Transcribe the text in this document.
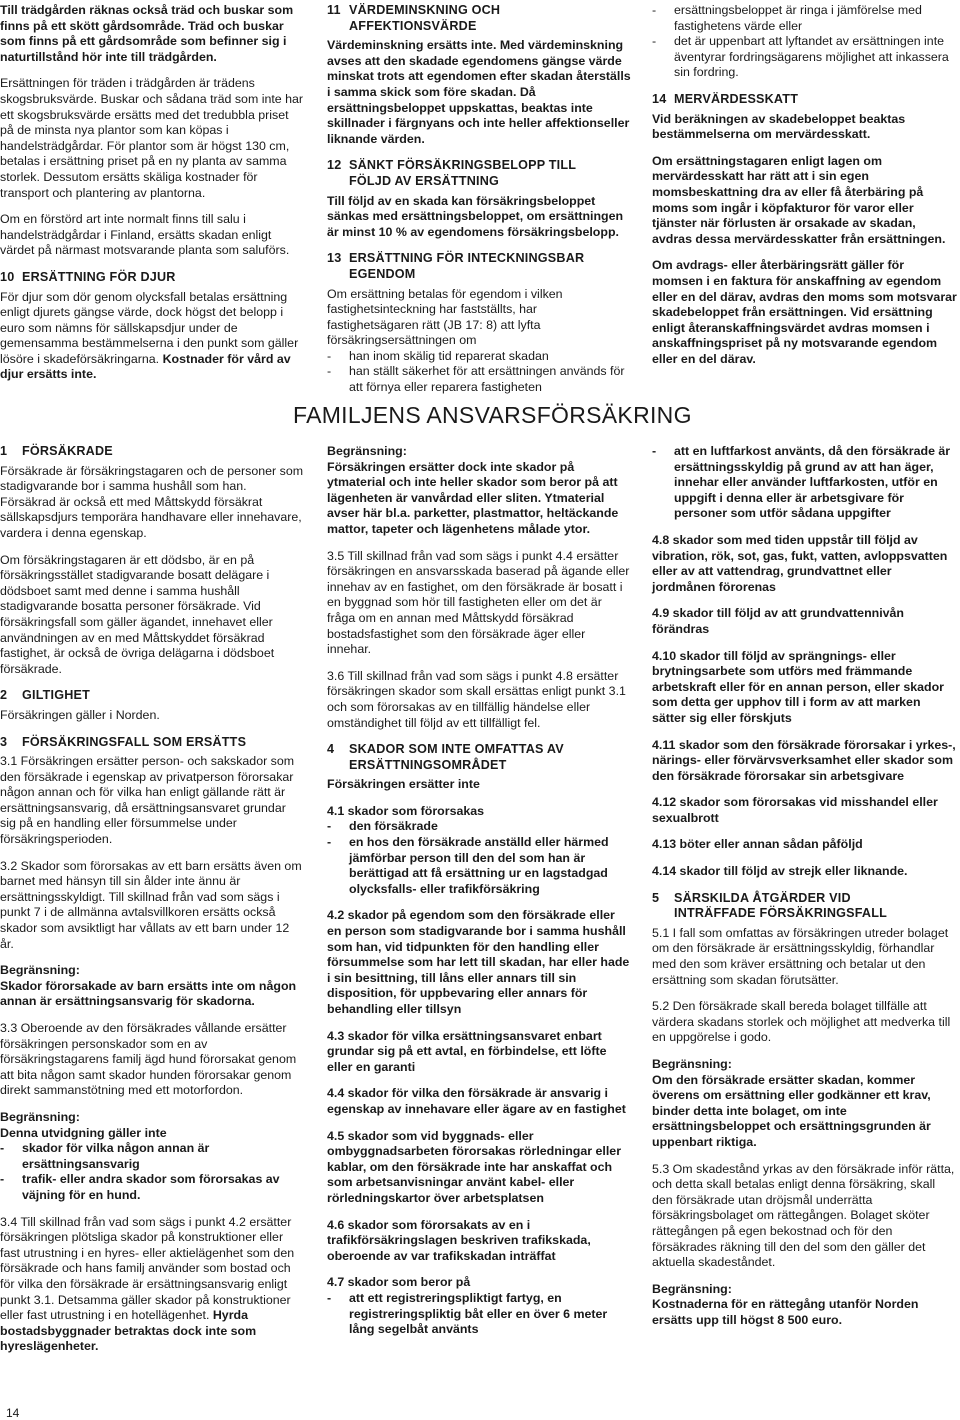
Till trädgården räknas också träd och buskar som finns på ett skött gårdsområde. Träd och buskar som finns på ett gårdsområde som befinner sig i naturtillstånd hör inte till trädgården.

Ersättningen för träden i trädgården är trädens skogsbruksvärde. Buskar och sådana träd som inte har ett skogsbruksvärde ersätts med det tredubbla priset på de minsta nya plantor som kan köpas i handelsträdgårdar. För plantor som är högst 130 cm, betalas i ersättning priset på en ny planta av samma storlek. Dessutom ersätts skäliga kostnader för transport och plantering av plantorna.

Om en förstörd art inte normalt finns till salu i handelsträdgårdar i Finland, ersätts skadan enligt värdet på närmast motsvarande planta som saluförs.

10 ERSÄTTNING FÖR DJUR

För djur som dör genom olycksfall betalas ersättning enligt djurets gängse värde, dock högst det belopp i euro som nämns för sällskapsdjur under de gemensamma bestämmelserna i den punkt som gäller lösöre i skadeförsäkringarna. Kostnader för vård av djur ersätts inte.

11 VÄRDEMINSKNING OCH
AFFEKTIONSVÄRDE

Värdeminskning ersätts inte. Med värdeminskning avses att den skadade egendomens gängse värde minskat trots att egendomen efter skadan återställs i samma skick som före skadan. Då ersättningsbeloppet uppskattas, beaktas inte skillnader i färgnyans och inte heller affektionseller liknande värden.

12 SÄNKT FÖRSÄKRINGSBELOPP TILL
FÖLJD AV ERSÄTTNING

Till följd av en skada kan försäkringsbeloppet sänkas med ersättningsbeloppet, om ersättningen är minst 10 % av egendomens försäkringsbelopp.

13 ERSÄTTNING FÖR INTECKNINGSBAR
EGENDOM

Om ersättning betalas för egendom i vilken fastighetsinteckning har fastställts, har fastighetsägaren rätt (JB 17: 8) att lyfta försäkringsersättningen om

- han inom skälig tid reparerat skadan
- han ställt säkerhet för att ersättningen används för att förnya eller reparera fastigheten
- ersättningsbeloppet är ringa i jämförelse med fastighetens värde eller
- det är uppenbart att lyftandet av ersättningen inte äventyrar fordringsägarens möjlighet att inkassera sin fordring.
14 MERVÄRDESSKATT

Vid beräkningen av skadebeloppet beaktas bestämmelserna om mervärdesskatt.

Om ersättningstagaren enligt lagen om mervärdesskatt har rätt att i sin egen momsbeskattning dra av eller få återbäring på moms som ingår i köpfakturor för varor eller tjänster när förlusten är orsakade av skadan, avdras dessa mervärdesskatter från ersättningen.

Om avdrags- eller återbäringsrätt gäller för momsen i en faktura för anskaffning av egendom eller en del därav, avdras den moms som motsvarar skadebeloppet från ersättningen. Vid ersättning enligt återanskaffningsvärdet avdras momsen i anskaffningspriset på ny motsvarande egendom eller en del därav.

FAMILJENS ANSVARSFÖRSÄKRING
1 FÖRSÄKRADE

Försäkrade är försäkringstagaren och de personer som stadigvarande bor i samma hushåll som han. Försäkrad är också ett med Måttskydd försäkrat sällskapsdjurs temporära handhavare eller innehavare, vardera i denna egenskap.

Om försäkringstagaren är ett dödsbo, är en på försäkringsstället stadigvarande bosatt delägare i dödsboet samt med denne i samma hushåll stadigvarande bosatta personer försäkrade. Vid försäkringsfall som gäller ägandet, innehavet eller användningen av en med Måttskyddet försäkrad fastighet, är också de övriga delägarna i dödsboet försäkrade.

2 GILTIGHET

Försäkringen gäller i Norden.

3 FÖRSÄKRINGSFALL SOM ERSÄTTS

3.1 Försäkringen ersätter person- och sakskador som den försäkrade i egenskap av privatperson förorsakar någon annan och för vilka han enligt gällande rätt är ersättningsansvarig, då ersättningsansvaret grundar sig på en handling eller försummelse under försäkringsperioden.

3.2 Skador som förorsakas av ett barn ersätts även om barnet med hänsyn till sin ålder inte ännu är ersättningsskyldigt. Till skillnad från vad som sägs i punkt 7 i de allmänna avtalsvillkoren ersätts också skador som avsiktligt har vållats av ett barn under 12 år.

Begränsning:
Skador förorsakade av barn ersätts inte om någon annan är ersättningsansvarig för skadorna.

3.3 Oberoende av den försäkrades vållande ersätter försäkringen personskador som en av försäkringstagarens familj ägd hund förorsakat genom att bita någon samt skador hunden förorsakar genom direkt sammanstötning med ett motorfordon.

Begränsning:
Denna utvidgning gäller inte
- skador för vilka någon annan är ersättningsansvarig
- trafik- eller andra skador som förorsakas av väjning för en hund.

3.4 Till skillnad från vad som sägs i punkt 4.2 ersätter försäkringen plötsliga skador på konstruktioner eller fast utrustning i en hyres- eller aktielägenhet som den försäkrade och hans familj använder som bostad och för vilka den försäkrade är ersättningsansvarig enligt punkt 3.1. Detsamma gäller skador på konstruktioner eller fast utrustning i en hotellägenhet. Hyrda bostadsbyggnader betraktas dock inte som hyreslägenheter.

Begränsning:
Försäkringen ersätter dock inte skador på ytmaterial och inte heller skador som beror på att lägenheten är vanvårdad eller sliten. Ytmaterial avser här bl.a. parketter, plastmattor, heltäckande mattor, tapeter och lägenhetens målade ytor.

3.5 Till skillnad från vad som sägs i punkt 4.4 ersätter försäkringen en ansvarsskada baserad på ägande eller innehav av en fastighet, om den försäkrade är bosatt i en byggnad som hör till fastigheten eller om det är fråga om en annan med Måttskydd försäkrad bostadsfastighet som den försäkrade äger eller innehar.

3.6 Till skillnad från vad som sägs i punkt 4.8 ersätter försäkringen skador som skall ersättas enligt punkt 3.1 och som förorsakas av en tillfällig händelse eller omständighet till följd av ett tillfälligt fel.

4 SKADOR SOM INTE OMFATTAS AV
ERSÄTTNINGSOMRÅDET

Försäkringen ersätter inte

4.1 skador som förorsakas
- den försäkrade
- en hos den försäkrade anställd eller härmed jämförbar person till den del som han är berättigad att få ersättning ur en lagstadgad olycksfalls- eller trafikförsäkring

4.2 skador på egendom som den försäkrade eller en person som stadigvarande bor i samma hushåll som han, vid tidpunkten för den handling eller försummelse som har lett till skadan, har eller hade i sin besittning, till låns eller annars till sin disposition, för uppbevaring eller annars för behandling eller tillsyn

4.3 skador för vilka ersättningsansvaret enbart grundar sig på ett avtal, en förbindelse, ett löfte eller en garanti

4.4 skador för vilka den försäkrade är ansvarig i egenskap av innehavare eller ägare av en fastighet

4.5 skador som vid byggnads- eller ombyggnadsarbeten förorsakas rörledningar eller kablar, om den försäkrade inte har anskaffat och som arbetsanvisningar använt kabel- eller rörledningskartor över arbetsplatsen

4.6 skador som förorsakats av en i trafikförsäkringslagen beskriven trafikskada, oberoende av var trafikskadan inträffat

4.7 skador som beror på
- att ett registreringspliktigt fartyg, en registreringspliktig båt eller en över 6 meter lång segelbåt använts
- att en luftfarkost använts, då den försäkrade är ersättningsskyldig på grund av att han äger, innehar eller använder luftfarkosten, utför en uppgift i denna eller är arbetsgivare för personer som utför sådana uppgifter

4.8 skador som med tiden uppstår till följd av vibration, rök, sot, gas, fukt, vatten, avloppsvatten eller av att vattendrag, grundvattnet eller jordmånen förorenas

4.9 skador till följd av att grundvattennivån förändras

4.10 skador till följd av sprängnings- eller brytningsarbete som utförs med främmande arbetskraft eller för en annan person, eller skador som detta ger upphov till i form av att marken sätter sig eller förskjuts

4.11 skador som den försäkrade förorsakar i yrkes-, närings- eller förvärvsverksamhet eller skador som den försäkrade förorsakar sin arbetsgivare

4.12 skador som förorsakas vid misshandel eller sexualbrott

4.13 böter eller annan sådan påföljd

4.14 skador till följd av strejk eller liknande.

5 SÄRSKILDA ÅTGÄRDER VID
INTRÄFFADE FÖRSÄKRINGSFALL

5.1 I fall som omfattas av försäkringen utreder bolaget om den försäkrade är ersättningsskyldig, förhandlar med den som kräver ersättning och betalar ut den ersättning som skadan förutsätter.

5.2 Den försäkrade skall bereda bolaget tillfälle att värdera skadans storlek och möjlighet att medverka till en uppgörelse i godo.

Begränsning:
Om den försäkrade ersätter skadan, kommer överens om ersättning eller godkänner ett krav, binder detta inte bolaget, om inte ersättningsbeloppet och ersättningsgrunden är uppenbart riktiga.

5.3 Om skadestånd yrkas av den försäkrade inför rätta, och detta skall betalas enligt denna försäkring, skall den försäkrade utan dröjsmål underrätta försäkringsbolaget om rättegången. Bolaget sköter rättegången på egen bekostnad och för den försäkrades räkning till den del som den gäller det aktuella skadeståndet.

Begränsning:
Kostnaderna för en rättegång utanför Norden ersätts upp till högst 8 500 euro.

14
